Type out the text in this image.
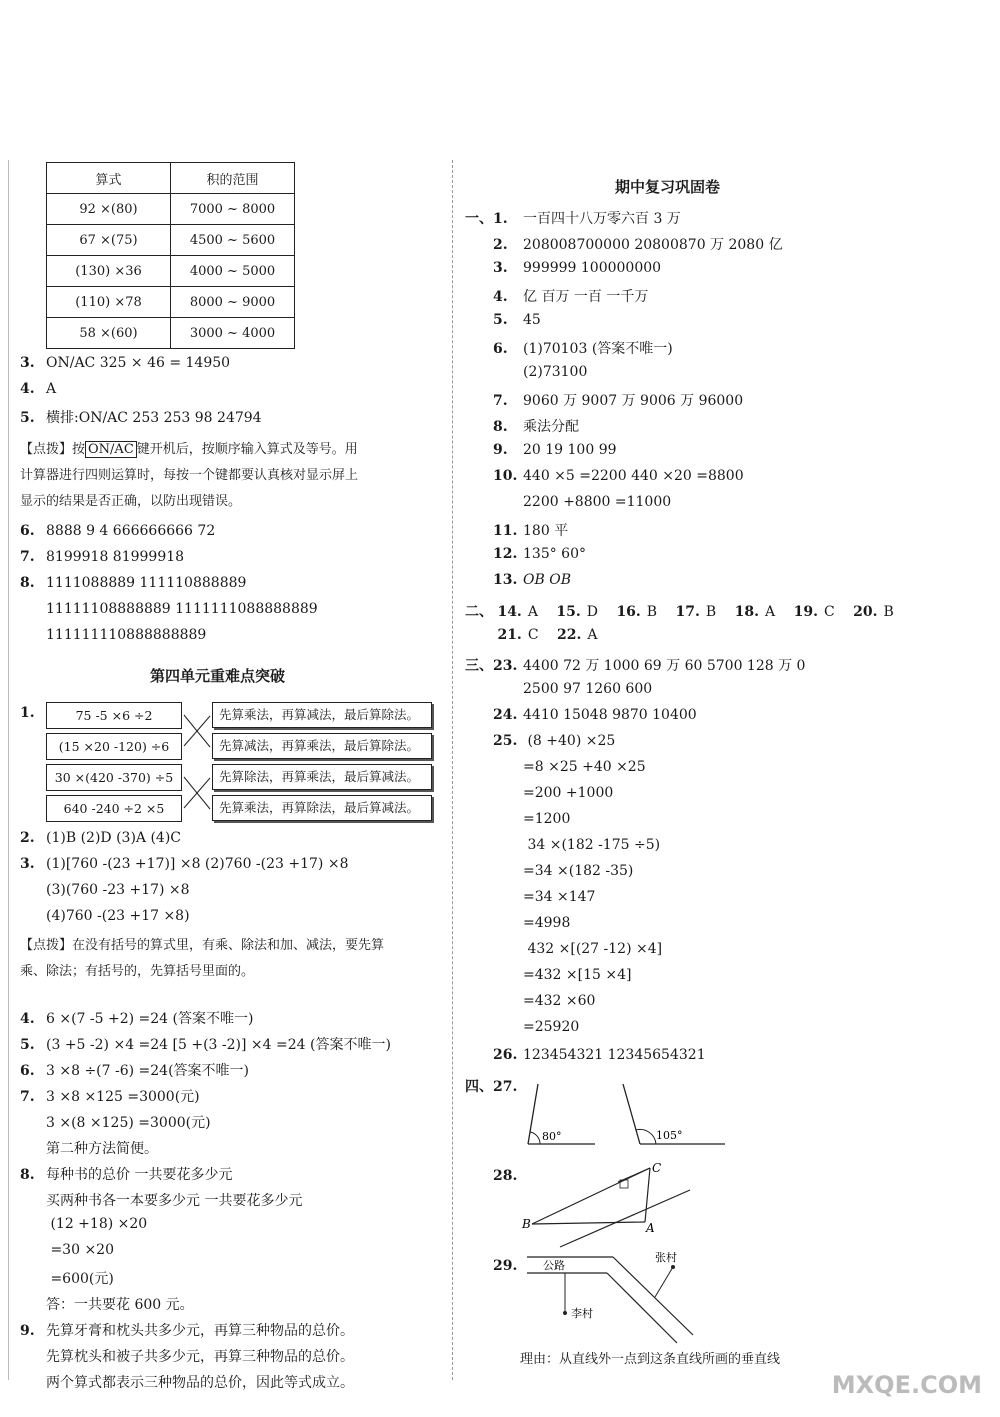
算式	积的范围
92 ×(80)	7000 ~ 8000
67 ×(75)	4500 ~ 5600
(130) ×36	4000 ~ 5000
(110) ×78	8000 ~ 9000
58 ×(60)	3000 ~ 4000
3. ON/AC 325 × 46 = 14950
4. A
5. 横排:ON/AC 253 253 98 24794
【点拨】按 ON/AC 键开机后，按顺序输入算式及等号。用
计算器进行四则运算时，每按一个键都要认真核对显示屏上
显示的结果是否正确，以防出现错误。
6. 8888 9 4 666666666 72
7. 8199918 81999918
8. 1111088889 111110888889
11111108888889 1111111088888889
111111110888888889
第四单元重难点突破
1.	75 -5 ×6 ÷2
(15 ×20 -120) ÷6
30 ×(420 -370) ÷5
640 -240 ÷2 ×5
先算乘法，再算减法，最后算除法。
先算减法，再算乘法，最后算除法。
先算除法，再算乘法，最后算减法。
先算乘法，再算除法，最后算减法。
2. (1)B (2)D (3)A (4)C
3. (1)[760 -(23 +17)] ×8 (2)760 -(23 +17) ×8
(3)(760 -23 +17) ×8
(4)760 -(23 +17 ×8)
【点拨】在没有括号的算式里，有乘、除法和加、减法，要先算
乘、除法；有括号的，先算括号里面的。
4. 6 ×(7 -5 +2) =24 (答案不唯一)
5. (3 +5 -2) ×4 =24 [5 +(3 -2)] ×4 =24 (答案不唯一)
6. 3 ×8 ÷(7 -6) =24(答案不唯一)
7. 3 ×8 ×125 =3000(元)
3 ×(8 ×125) =3000(元)
第二种方法简便。
8. 每种书的总价 一共要花多少元
买两种书各一本要多少元 一共要花多少元
(12 +18) ×20
=30 ×20
=600(元)
答：一共要花 600 元。
9. 先算牙膏和枕头共多少元，再算三种物品的总价。
先算枕头和被子共多少元，再算三种物品的总价。
两个算式都表示三种物品的总价，因此等式成立。
期中复习巩固卷
一、1. 一百四十八万零六百 3 万
2. 208008700000 20800870 万 2080 亿
3. 999999 100000000
4. 亿 百万 一百 一千万
5. 45
6. (1)70103 (答案不唯一)
(2)73100
7. 9060 万 9007 万 9006 万 96000
8. 乘法分配
9. 20 19 100 99
10. 440 ×5 =2200 440 ×20 =8800
2200 +8800 =11000
11. 180 平
12. 135° 60°
13. OB OB
二、 14. A 15. D 16. B 17. B 18. A 19. C 20. B
21. C 22. A
三、23. 4400 72 万 1000 69 万 60 5700 128 万 0
2500 97 1260 600
24. 4410 15048 9870 10400
25. (8 +40) ×25
=8 ×25 +40 ×25
=200 +1000
=1200
34 ×(182 -175 ÷5)
=34 ×(182 -35)
=34 ×147
=4998
432 ×[(27 -12) ×4]
=432 ×[15 ×4]
=432 ×60
=25920
26. 123454321 12345654321
四、27.
80°	105°
28.
B
C
A
29. 公路
张村
李村
理由：从直线外一点到这条直线所画的垂直线
MXQE.COM
